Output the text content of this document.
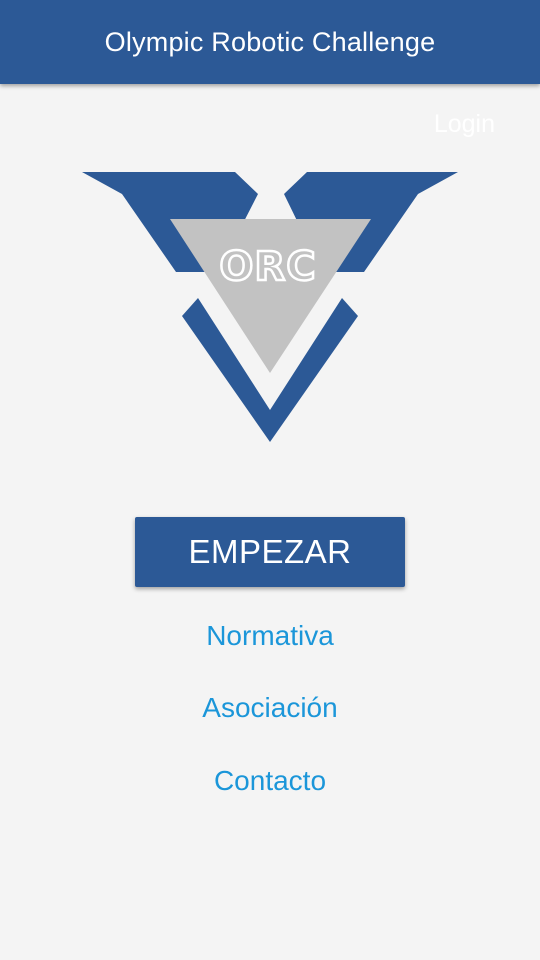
Olympic Robotic Challenge
Login
ORC
EMPEZAR
Normativa
Asociación
Contacto
